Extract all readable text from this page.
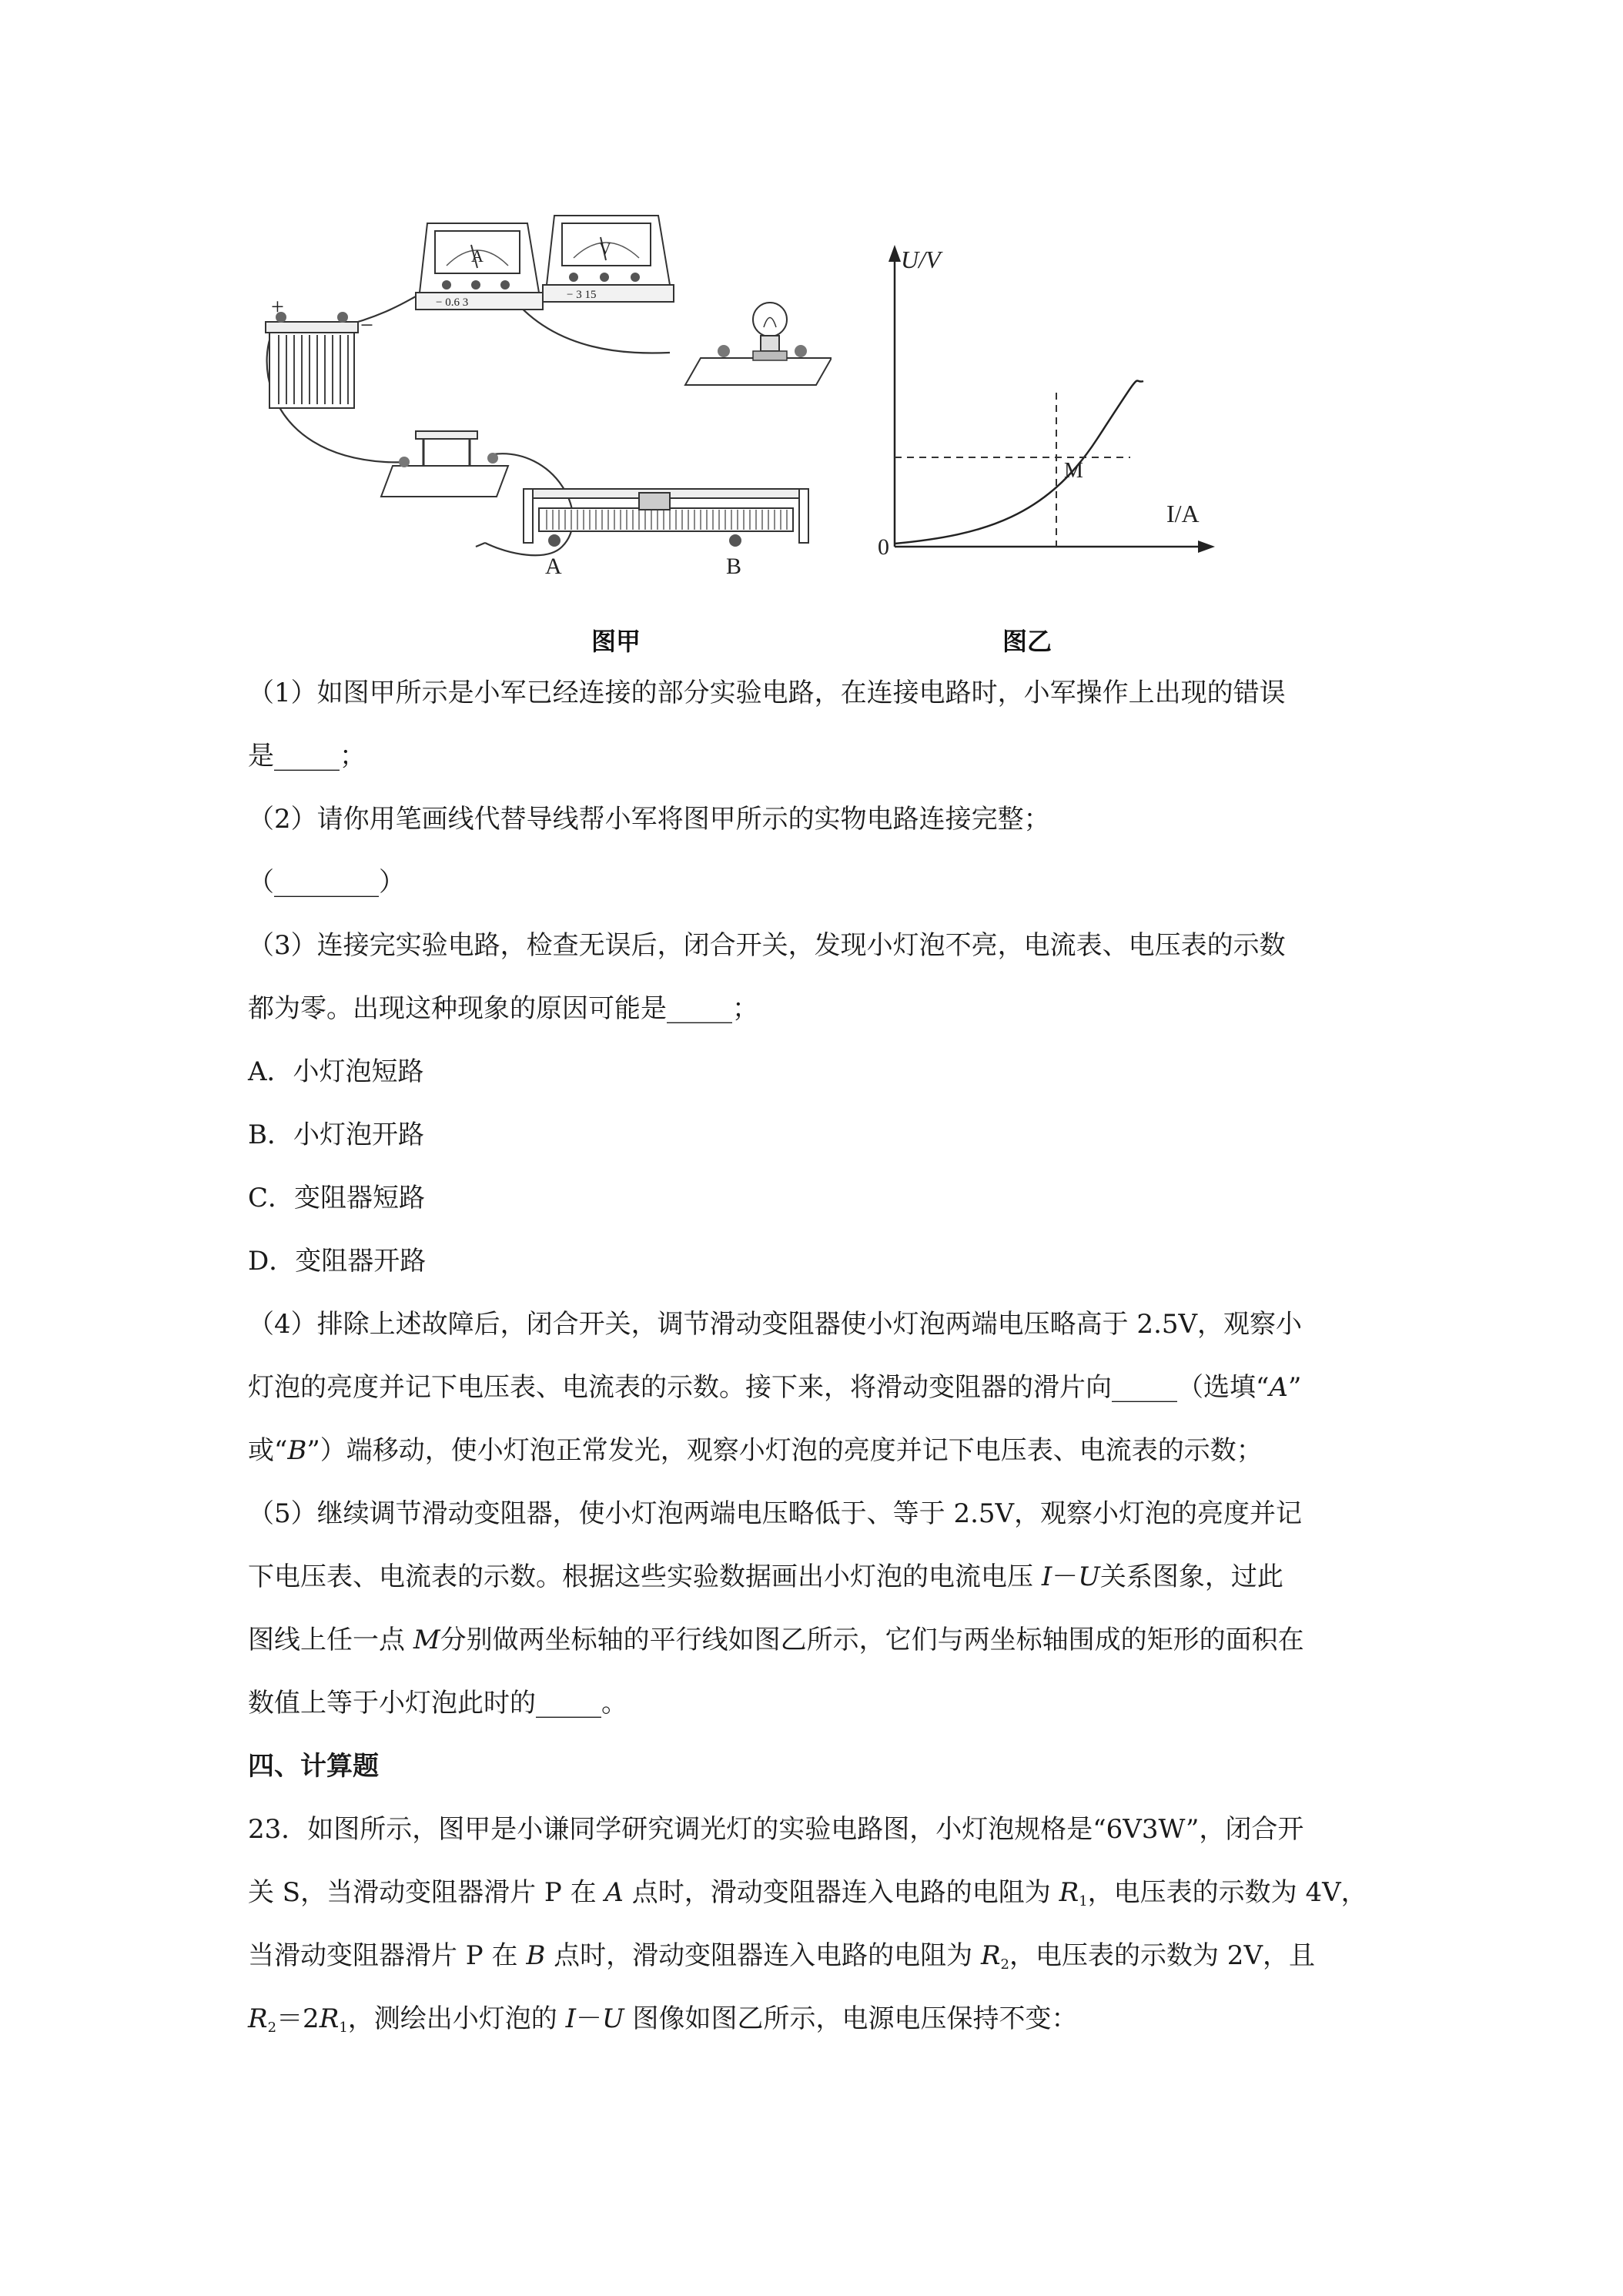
+
−
A
− 0.6 3
V
− 3 15
A	B
图甲
U/V
I/A
0
M
图乙
（1）如图甲所示是小军已经连接的部分实验电路，在连接电路时，小军操作上出现的错误
是_____；
（2）请你用笔画线代替导线帮小军将图甲所示的实物电路连接完整；
（________）
（3）连接完实验电路，检查无误后，闭合开关，发现小灯泡不亮，电流表、电压表的示数
都为零。出现这种现象的原因可能是_____；
A．小灯泡短路
B．小灯泡开路
C．变阻器短路
D．变阻器开路
（4）排除上述故障后，闭合开关，调节滑动变阻器使小灯泡两端电压略高于 2.5V，观察小
灯泡的亮度并记下电压表、电流表的示数。接下来，将滑动变阻器的滑片向_____（选填“A”
或“B”）端移动，使小灯泡正常发光，观察小灯泡的亮度并记下电压表、电流表的示数；
（5）继续调节滑动变阻器，使小灯泡两端电压略低于、等于 2.5V，观察小灯泡的亮度并记
下电压表、电流表的示数。根据这些实验数据画出小灯泡的电流电压 I－U关系图象，过此
图线上任一点 M分别做两坐标轴的平行线如图乙所示，它们与两坐标轴围成的矩形的面积在
数值上等于小灯泡此时的_____。
四、计算题
23．如图所示，图甲是小谦同学研究调光灯的实验电路图，小灯泡规格是“6V3W”，闭合开
关 S，当滑动变阻器滑片 P 在 A 点时，滑动变阻器连入电路的电阻为 $R_1$，电压表的示数为 4V，
当滑动变阻器滑片 P 在 B 点时，滑动变阻器连入电路的电阻为 $R_2$，电压表的示数为 2V，且
$R_2=2R_1$，测绘出小灯泡的 I－U 图像如图乙所示，电源电压保持不变：
